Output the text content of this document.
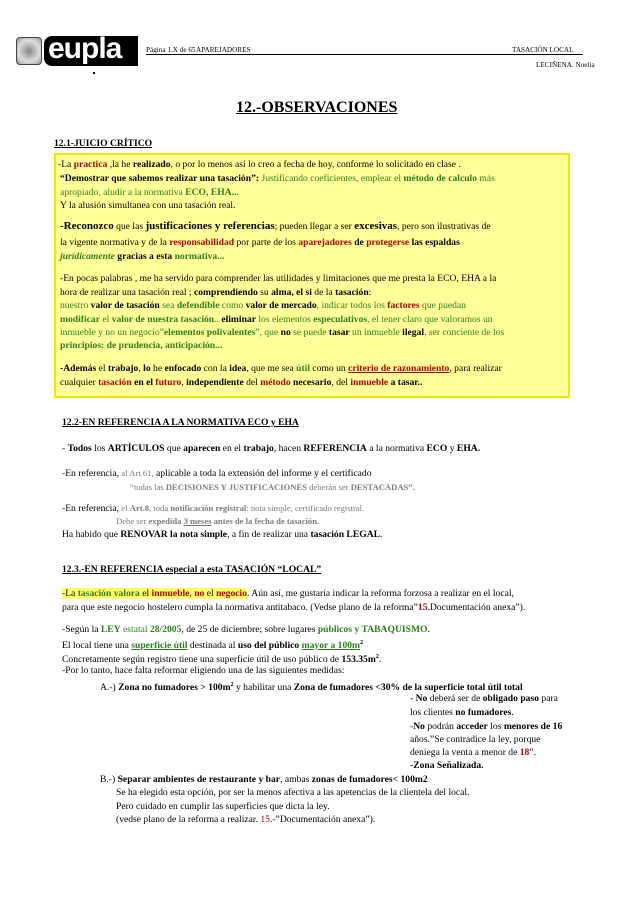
eupla	Página 1.X de 65 APAREJADORES	TASACIÓN LOCAL
LECIÑENA. Noelia
12.-OBSERVACIONES
12.1-JUICIO CRÍTICO
-La practica ,la he realizado, o por lo menos así lo creo a fecha de hoy, conforme lo solicitado en clase .
“Demostrar que sabemos realizar una tasación”: Justificando coeficientes, emplear el método de calculo más
apropiado, aludir a la normativa ECO, EHA...
Y la alusión simultanea con una tasación real.
-Reconozco que las justificaciones y referencias; pueden llegar a ser excesivas, pero son ilustrativas de
la vigente normativa y de la responsabilidad por parte de los aparejadores de protegerse las espaldas
jurídicamente gracias a esta normativa...
-En pocas palabras , me ha servido para comprender las utilidades y limitaciones que me presta la ECO, EHA a la
hora de realizar una tasación real ; comprendiendo su alma, el si de la tasación:
nuestro valor de tasación sea defendible como valor de mercado, indicar todos los factores que puedan
modificar el valor de nuestra tasación.. eliminar los elementos especulativos, el tener claro que valoramos un
inmueble y no un negocio”elementos polivalentes”, que no se puede tasar un inmueble ilegal, ser conciente de los
principios: de prudencia, anticipación...
-Además el trabajo, lo he enfocado con la idea, que me sea útil como un criterio de razonamiento, para realizar
cualquier tasación en el futuro, independiente del método necesario, del inmueble a tasar..
12.2-EN REFERENCIA A LA NORMATIVA ECO y EHA
- Todos los ARTÍCULOS que aparecen en el trabajo, hacen REFERENCIA a la normativa ECO y EHA.
-En referencia, al Art.61, aplicable a toda la extensión del informe y el certificado
“todas las DECISIONES Y JUSTIFICACIONES deberán ser DESTACADAS”.
-En referencia, el Art.8, toda notificación registral: nota simple, certificado registral.
Debe ser expedida 3 meses antes de la fecha de tasación.
Ha habido que RENOVAR la nota simple, a fin de realizar una tasación LEGAL.
12.3.-EN REFERENCIA especial a esta TASACIÓN “LOCAL”
-La tasación valora el inmueble, no el negocio. Aún así, me gustaría indicar la reforma forzosa a realizar en el local,
para que este negocio hostelero cumpla la normativa antitabaco. (Vedse plano de la reforma”15.Documentación anexa”).
-Según la LEY estatal 28/2005, de 25 de diciembre; sobre lugares públicos y TABAQUISMO.
El local tiene una superficie útil destinada al uso del público mayor a $100m^2$
Concretamente según registro tiene una superficie útil de uso público de $153.35m^2$.
-Por lo tanto, hace falta reformar eligiendo una de las siguientes medidas:
A.-) Zona no fumadores > $100m^2$ y habilitar una Zona de fumadores <30% de la superficie total útil total
- No deberá ser de obligado paso para
los clientes no fumadores.
-No podrán acceder los menores de 16
años.”Se contradice la ley, porque
deniega la venta a menor de 18”.
-Zona Señalizada.
B.-) Separar ambientes de restaurante y bar, ambas zonas de fumadores< 100m2
Se ha elegido esta opción, por ser la menos afectiva a las apetencias de la clientela del local.
Pero cuidado en cumplir las superficies que dicta la ley.
(vedse plano de la reforma a realizar. 15.-”Documentación anexa”).
